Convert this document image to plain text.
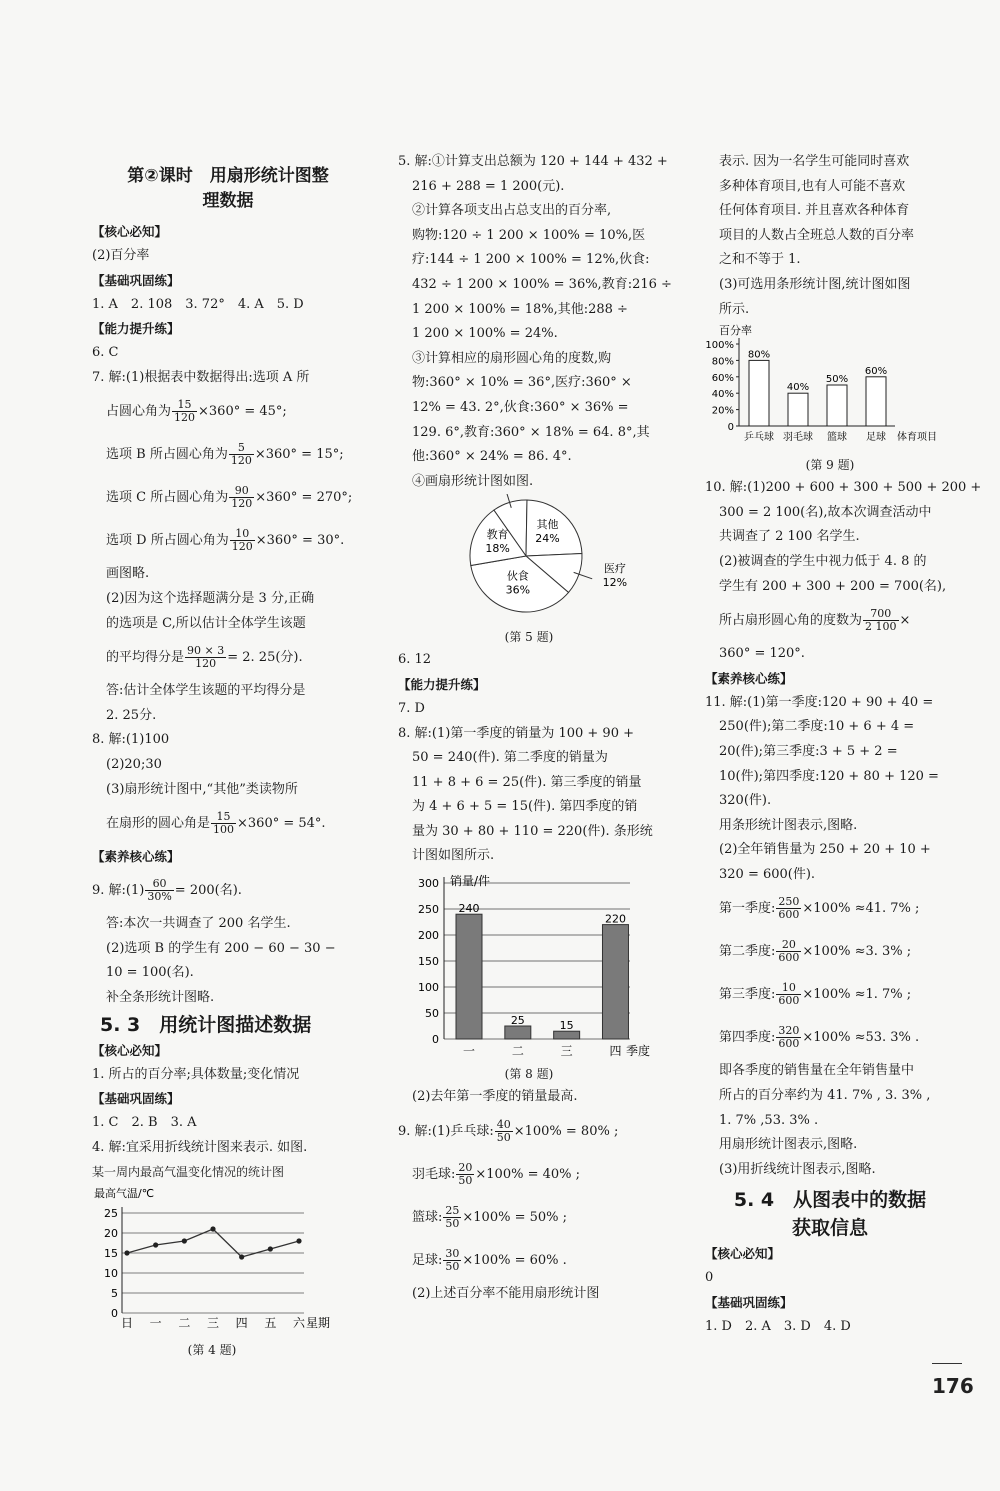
第②课时　用扇形统计图整
理数据
【核心必知】
(2)百分率
【基础巩固练】
1. A　2. 108　3. 72°　4. A　5. D
【能力提升练】
6. C
7. 解:(1)根据表中数据得出:选项 A 所
占圆心角为 $\frac{15}{120} \times 360^\circ = 45^\circ$;
选项 B 所占圆心角为 $\frac{5}{120} \times 360^\circ = 15^\circ$;
选项 C 所占圆心角为 $\frac{90}{120} \times 360^\circ = 270^\circ$;
选项 D 所占圆心角为 $\frac{10}{120} \times 360^\circ = 30^\circ$.
画图略.
(2)因为这个选择题满分是 3 分,正确
的选项是 C,所以估计全体学生该题
的平均得分是 $\frac{90 \times 3}{120} = 2$. 25(分).
答:估计全体学生该题的平均得分是
2. 25分.
8. 解:(1)100
(2)20;30
(3)扇形统计图中,“其他”类读物所
在扇形的圆心角是 $\frac{15}{100} \times 360^\circ = 54^\circ$.
【素养核心练】
9. 解:(1) $\frac{60}{30\%} = 200$(名).
答:本次一共调查了 200 名学生.
(2)选项 B 的学生有 200 − 60 − 30 −
10 = 100(名).
补全条形统计图略.
5. 3　用统计图描述数据
【核心必知】
1. 所占的百分率;具体数量;变化情况
【基础巩固练】
1. C　2. B　3. A
4. 解:宜采用折线统计图来表示. 如图.
某一周内最高气温变化情况的统计图
最高气温/℃
0
5
10
15
20
25
日 一 二 三 四 五 六 星期
(第 4 题)
5. 解:①计算支出总额为 120 + 144 + 432 +
216 + 288 = 1 200(元).
②计算各项支出占总支出的百分率,
购物:120 ÷ 1 200 × 100% = 10%,医
疗:144 ÷ 1 200 × 100% = 12%,伙食:
432 ÷ 1 200 × 100% = 36%,教育:216 ÷
1 200 × 100% = 18%,其他:288 ÷
1 200 × 100% = 24%.
③计算相应的扇形圆心角的度数,购
物:360° × 10% = 36°,医疗:360° ×
12% = 43. 2°,伙食:360° × 36% =
129. 6°,教育:360° × 18% = 64. 8°,其
他:360° × 24% = 86. 4°.
④画扇形统计图如图.
其他
24%
医疗
12%
伙食
36%
教育
18%
(第 5 题)
6. 12
【能力提升练】
7. D
8. 解:(1)第一季度的销量为 100 + 90 +
50 = 240(件). 第二季度的销量为
11 + 8 + 6 = 25(件). 第三季度的销量
为 4 + 6 + 5 = 15(件). 第四季度的销
量为 30 + 80 + 110 = 220(件). 条形统
计图如图所示.
0
50
100
150
200
250
300 销量/件
240
一
25
二
15
三
220
四 季度
(第 8 题)
(2)去年第一季度的销量最高.
9. 解:(1)乒乓球: $\frac{40}{50} \times 100\% = 80\%$ ;
羽毛球: $\frac{20}{50} \times 100\% = 40\%$ ;
篮球: $\frac{25}{50} \times 100\% = 50\%$ ;
足球: $\frac{30}{50} \times 100\% = 60\%$ .
(2)上述百分率不能用扇形统计图
表示. 因为一名学生可能同时喜欢
多种体育项目,也有人可能不喜欢
任何体育项目. 并且喜欢各种体育
项目的人数占全班总人数的百分率
之和不等于 1.
(3)可选用条形统计图,统计图如图
所示.
百分率
0
20%
40%
60%
80%
100%
80%
乒乓球
40%
羽毛球
50%
篮球
60%
足球 体育项目
(第 9 题)
10. 解:(1)200 + 600 + 300 + 500 + 200 +
300 = 2 100(名),故本次调查活动中
共调查了 2 100 名学生.
(2)被调查的学生中视力低于 4. 8 的
学生有 200 + 300 + 200 = 700(名),
所占扇形圆心角的度数为 $\frac{700}{2 100}$ ×
360° = 120°.
【素养核心练】
11. 解:(1)第一季度:120 + 90 + 40 =
250(件);第二季度:10 + 6 + 4 =
20(件);第三季度:3 + 5 + 2 =
10(件);第四季度:120 + 80 + 120 =
320(件).
用条形统计图表示,图略.
(2)全年销售量为 250 + 20 + 10 +
320 = 600(件).
第一季度: $\frac{250}{600} \times 100\% \approx 41$. 7% ;
第二季度: $\frac{20}{600} \times 100\% \approx 3$. 3% ;
第三季度: $\frac{10}{600} \times 100\% \approx 1$. 7% ;
第四季度: $\frac{320}{600} \times 100\% \approx 53$. 3% .
即各季度的销售量在全年销售量中
所占的百分率约为 41. 7% , 3. 3% ,
1. 7% ,53. 3% .
用扇形统计图表示,图略.
(3)用折线统计图表示,图略.
5. 4　从图表中的数据
获取信息
【核心必知】
0
【基础巩固练】
1. D　2. A　3. D　4. D
176
